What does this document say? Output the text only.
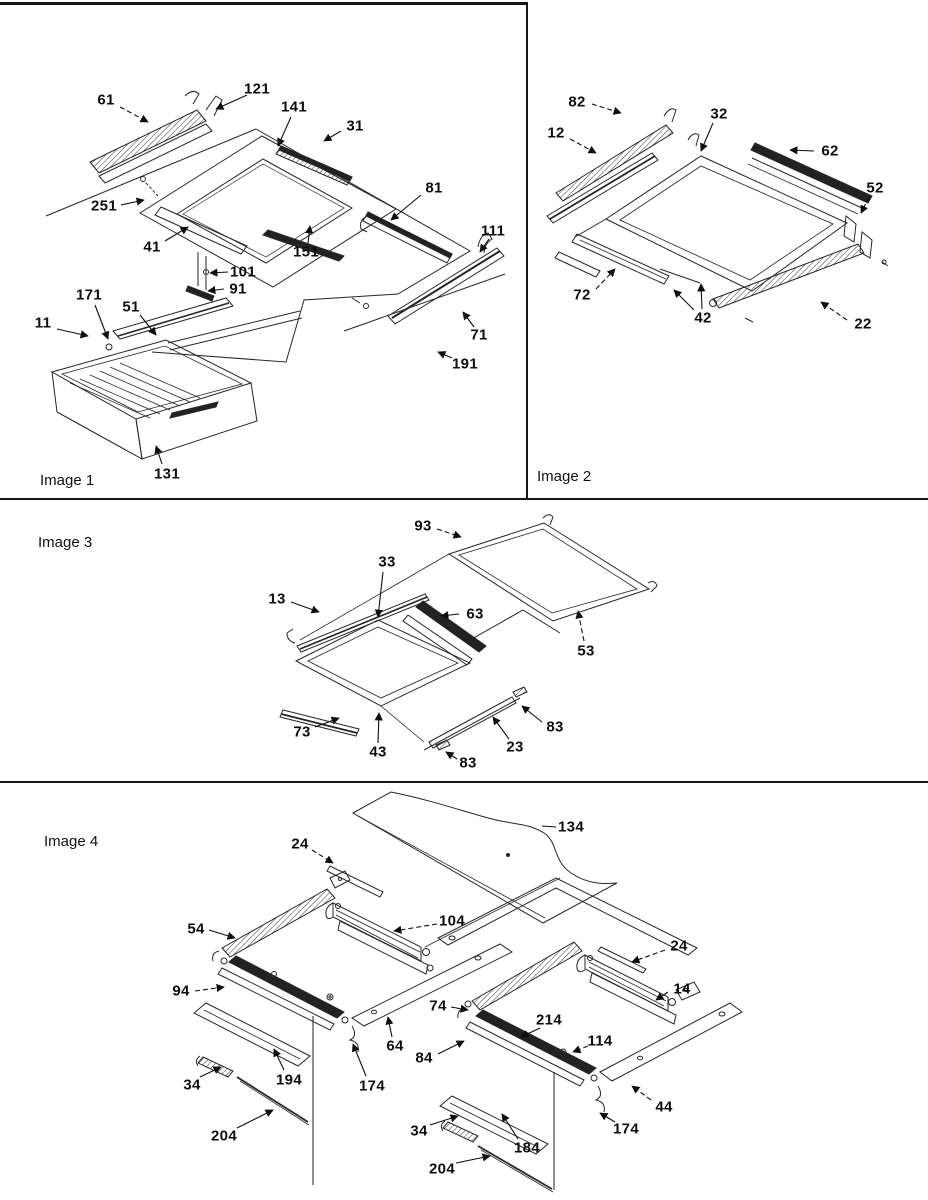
61
121
141
31
81
251
41	151
101
91
171
51
11
111
71
191
131
82
12
32
62
52
72
42	22
93
33
13
63
53
73
43
83
23
83
134
24
54	104
94
24
14
74
214
114
64
84
34	194	174
204
44
174
34
184
204
Image 1	Image 2
Image 3
Image 4
